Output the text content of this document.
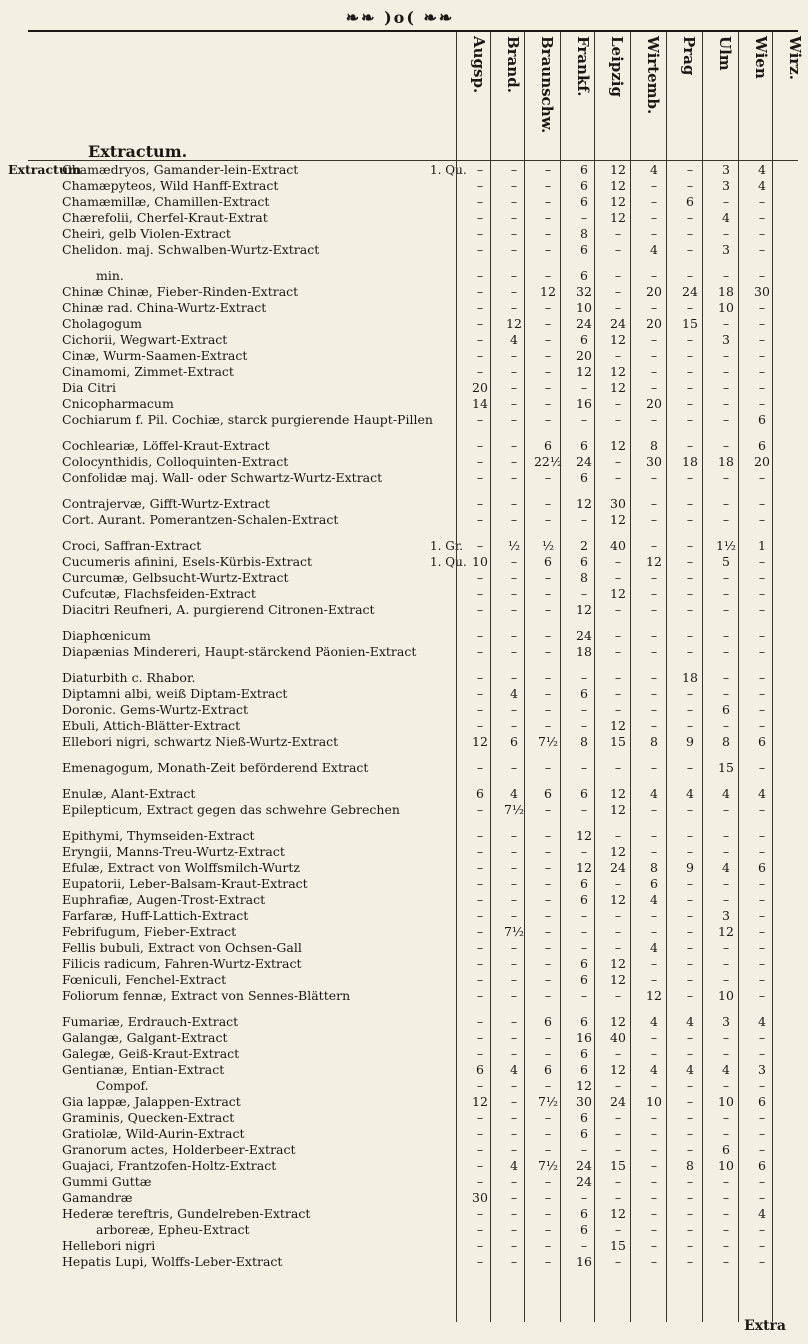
❧❧ )o( ❧❧
Extractum.
Augsp. Brand. Braunschw. Frankf. Leipzig Wirtemb. Prag Ulm Wien Wirz.
Extractum
Chamædryos, Gamander-lein-Extract	1. Qu. –	–	–	6	12	4	–	3	4
Chamæpyteos, Wild Hanff-Extract	–	–	–	6	12	–	–	3	4
Chamæmillæ, Chamillen-Extract	–	–	–	6	12	–	6	–	–
Chærefolii, Cherfel-Kraut-Extrat	–	–	–	–	12	–	–	4	–
Cheiri, gelb Violen-Extract	–	–	–	8	–	–	–	–	–
Chelidon. maj. Schwalben-Wurtz-Extract	–	–	–	6	–	4	–	3	–
min.	–	–	–	6	–	–	–	–	–
Chinæ Chinæ, Fieber-Rinden-Extract	–	–	12	32	–	20	24	18	30
Chinæ rad. China-Wurtz-Extract	–	–	–	10	–	–	–	10	–
Cholagogum	–	12	–	24	24	20	15	–	–
Cichorii, Wegwart-Extract	–	4	–	6	12	–	–	3	–
Cinæ, Wurm-Saamen-Extract	–	–	–	20	–	–	–	–	–
Cinamomi, Zimmet-Extract	–	–	–	12	12	–	–	–	–
Dia Citri	20	–	–	–	12	–	–	–	–
Cnicopharmacum	14	–	–	16	–	20	–	–	–
Cochiarum f. Pil. Cochiæ, starck purgierende Haupt-Pillen	–	–	–	–	–	–	–	–	6
Cochleariæ, Löffel-Kraut-Extract	–	–	6	6	12	8	–	–	6
Colocynthidis, Colloquinten-Extract	–	–	22½	24	–	30	18	18	20
Confolidæ maj. Wall- oder Schwartz-Wurtz-Extract	–	–	–	6	–	–	–	–	–
Contrajervæ, Gifft-Wurtz-Extract	–	–	–	12	30	–	–	–	–
Cort. Aurant. Pomerantzen-Schalen-Extract	–	–	–	–	12	–	–	–	–
Croci, Saffran-Extract	1. Gr.	–	½	½	2	40	–	–	1½	1
Cucumeris afinini, Esels-Kürbis-Extract	1. Qu. 10	–	6	6	–	12	–	5	–
Curcumæ, Gelbsucht-Wurtz-Extract	–	–	–	8	–	–	–	–	–
Cufcutæ, Flachsfeiden-Extract	–	–	–	–	12	–	–	–	–
Diacitri Reufneri, A. purgierend Citronen-Extract	–	–	–	12	–	–	–	–	–
Diaphœnicum	–	–	–	24	–	–	–	–	–
Diapænias Mindereri, Haupt-stärckend Päonien-Extract	–	–	–	18	–	–	–	–	–
Diaturbith c. Rhabor.	–	–	–	–	–	–	18	–	–
Diptamni albi, weiß Diptam-Extract	–	4	–	6	–	–	–	–	–
Doronic. Gems-Wurtz-Extract	–	–	–	–	–	–	–	6	–
Ebuli, Attich-Blätter-Extract	–	–	–	–	12	–	–	–	–
Ellebori nigri, schwartz Nieß-Wurtz-Extract	12	6	7½	8	15	8	9	8	6
Emenagogum, Monath-Zeit beförderend Extract	–	–	–	–	–	–	–	15	–
Enulæ, Alant-Extract	6	4	6	6	12	4	4	4	4
Epilepticum, Extract gegen das schwehre Gebrechen	–	7½	–	–	12	–	–	–	–
Epithymi, Thymseiden-Extract	–	–	–	12	–	–	–	–	–
Eryngii, Manns-Treu-Wurtz-Extract	–	–	–	–	12	–	–	–	–
Efulæ, Extract von Wolffsmilch-Wurtz	–	–	–	12	24	8	9	4	6
Eupatorii, Leber-Balsam-Kraut-Extract	–	–	–	6	–	6	–	–	–
Euphrafiæ, Augen-Trost-Extract	–	–	–	6	12	4	–	–	–
Farfaræ, Huff-Lattich-Extract	–	–	–	–	–	–	–	3	–
Febrifugum, Fieber-Extract	–	7½	–	–	–	–	–	12	–
Fellis bubuli, Extract von Ochsen-Gall	–	–	–	–	–	4	–	–	–
Filicis radicum, Fahren-Wurtz-Extract	–	–	–	6	12	–	–	–	–
Fœniculi, Fenchel-Extract	–	–	–	6	12	–	–	–	–
Foliorum fennæ, Extract von Sennes-Blättern	–	–	–	–	–	12	–	10	–
Fumariæ, Erdrauch-Extract	–	–	6	6	12	4	4	3	4
Galangæ, Galgant-Extract	–	–	–	16	40	–	–	–	–
Galegæ, Geiß-Kraut-Extract	–	–	–	6	–	–	–	–	–
Gentianæ, Entian-Extract	6	4	6	6	12	4	4	4	3
Compof.	–	–	–	12	–	–	–	–	–
Gia lappæ, Jalappen-Extract	12	–	7½	30	24	10	–	10	6
Graminis, Quecken-Extract	–	–	–	6	–	–	–	–	–
Gratiolæ, Wild-Aurin-Extract	–	–	–	6	–	–	–	–	–
Granorum actes, Holderbeer-Extract	–	–	–	–	–	–	–	6	–
Guajaci, Frantzofen-Holtz-Extract	–	4	7½	24	15	–	8	10	6
Gummi Guttæ	–	–	–	24	–	–	–	–	–
Gamandræ	30	–	–	–	–	–	–	–	–
Hederæ tereftris, Gundelreben-Extract	–	–	–	6	12	–	–	–	4
arboreæ, Epheu-Extract	–	–	–	6	–	–	–	–	–
Hellebori nigri	–	–	–	–	15	–	–	–	–
Hepatis Lupi, Wolffs-Leber-Extract	–	–	–	16	–	–	–	–	–
Extra
